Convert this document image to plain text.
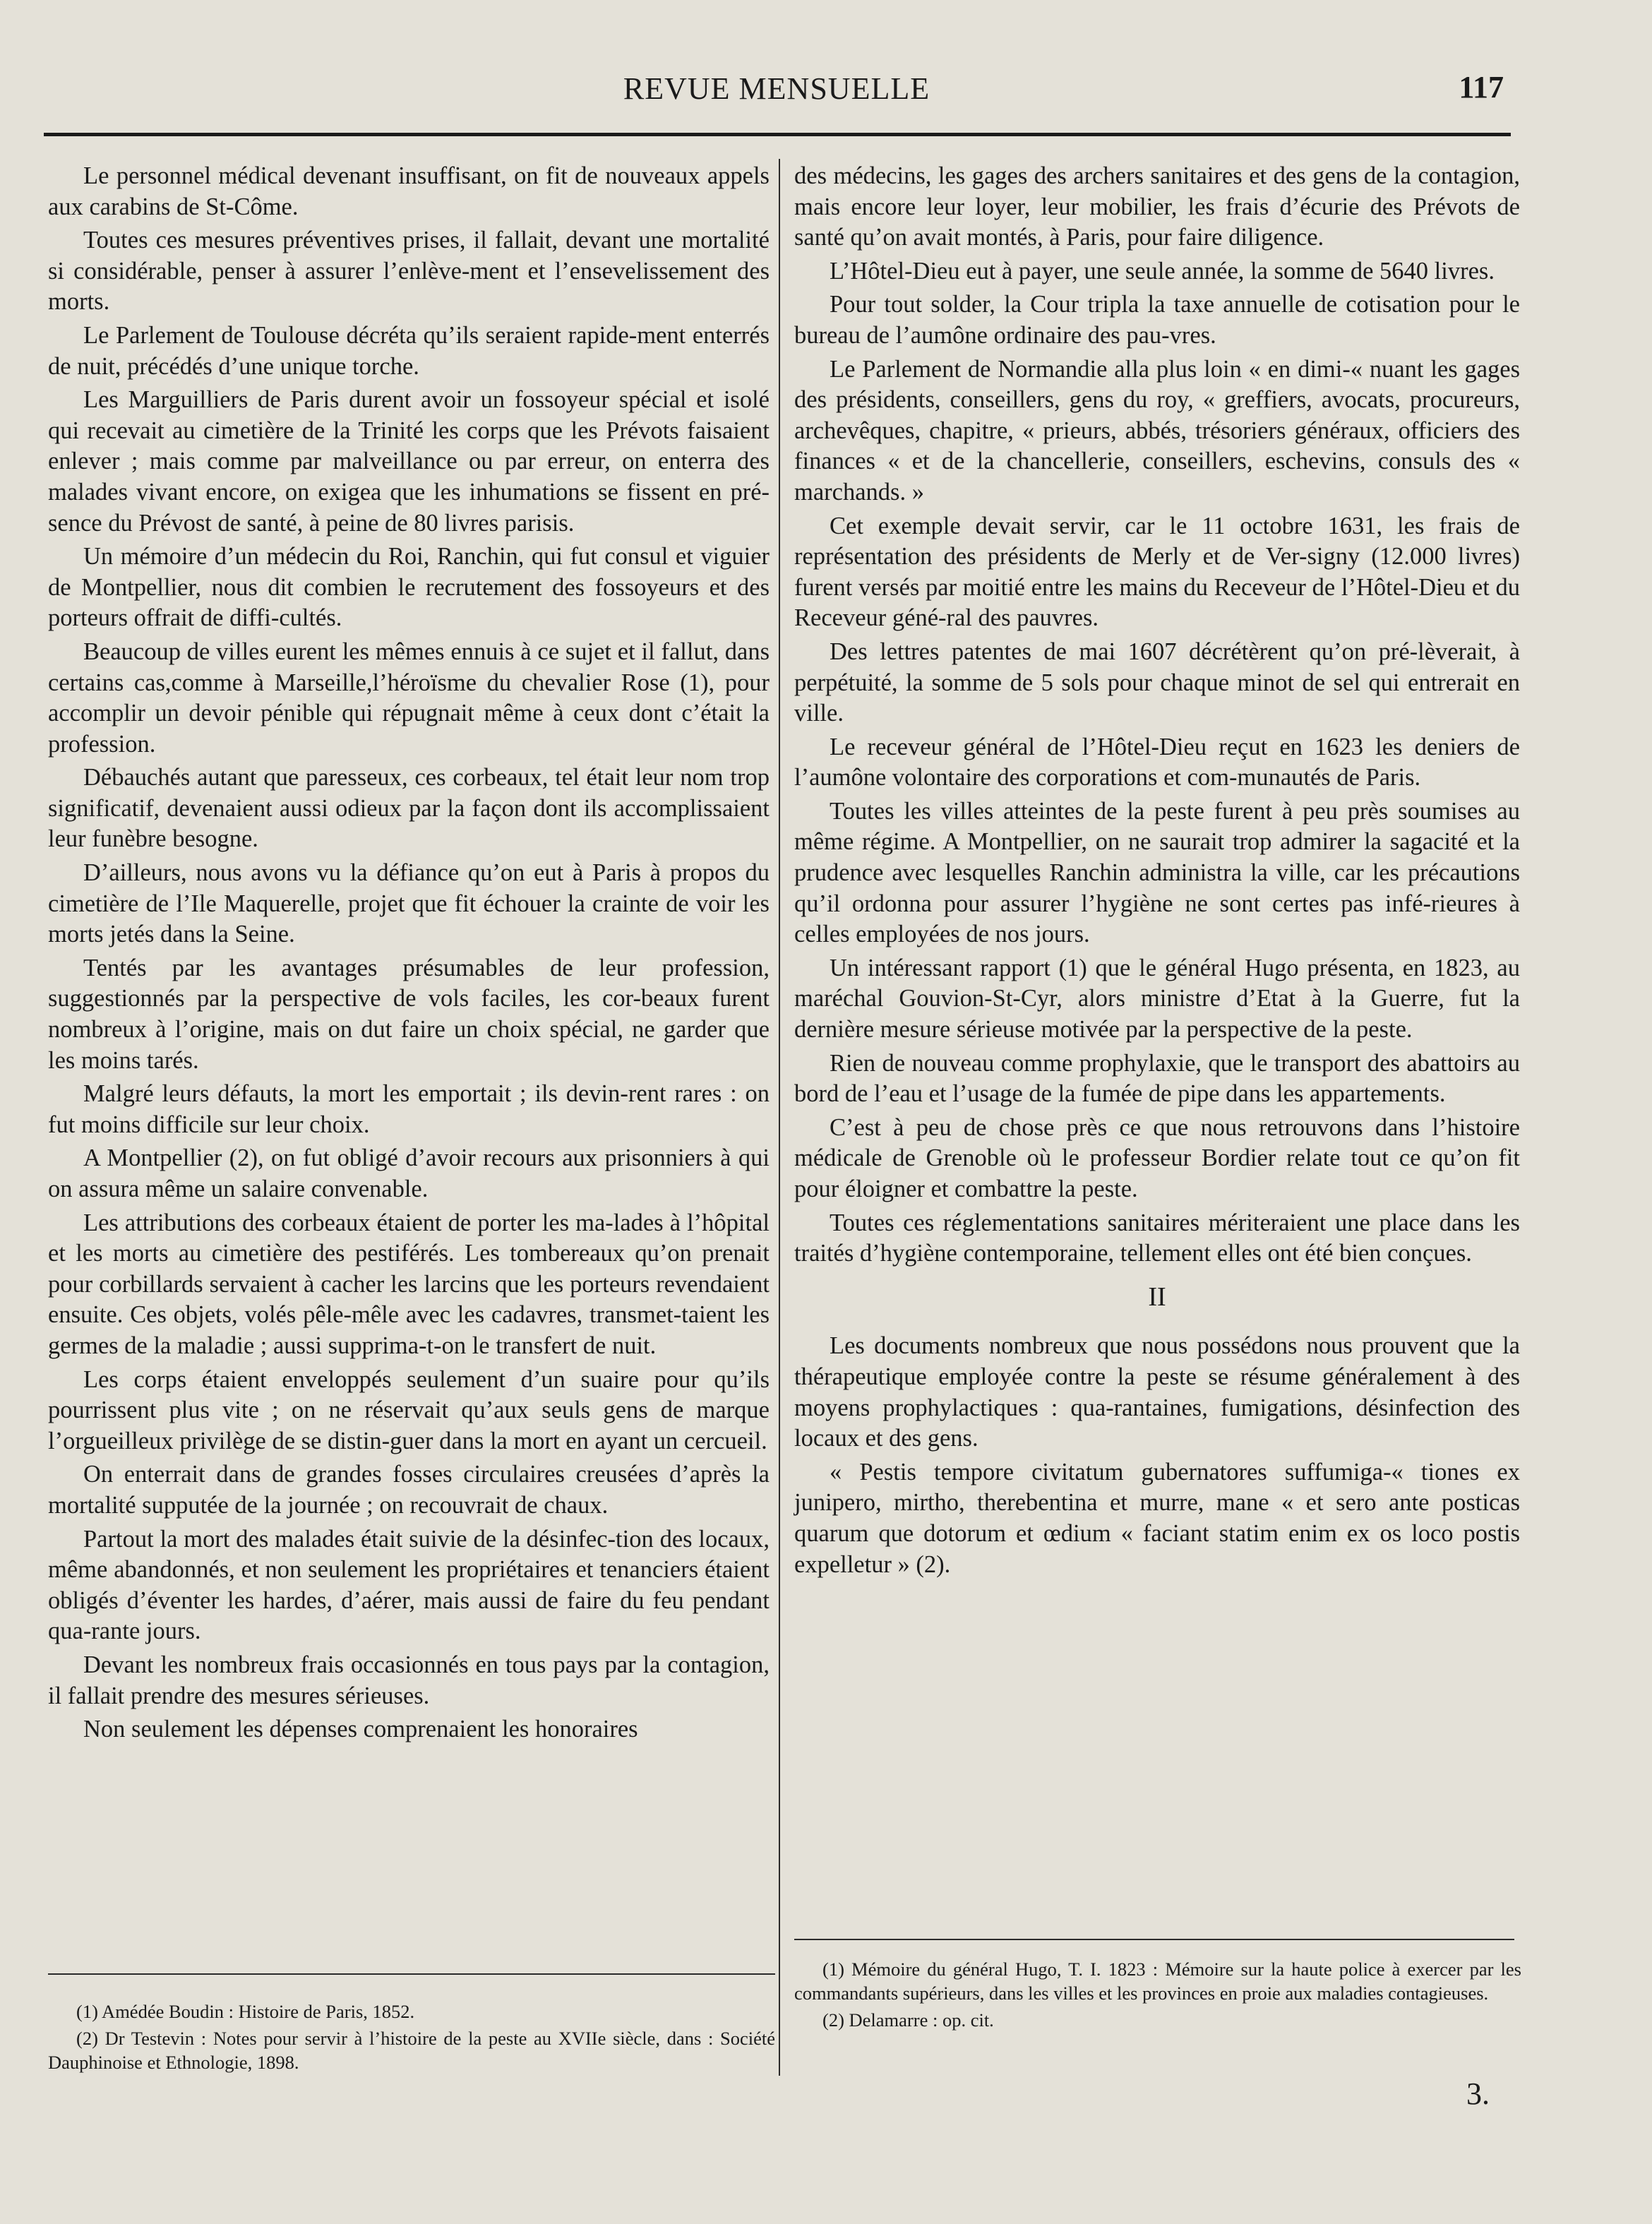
REVUE MENSUELLE	117

Le personnel médical devenant insuffisant, on fit de nouveaux appels aux carabins de St-Côme.

Toutes ces mesures préventives prises, il fallait, devant une mortalité si considérable, penser à assurer l’enlève-ment et l’ensevelissement des morts.

Le Parlement de Toulouse décréta qu’ils seraient rapide-ment enterrés de nuit, précédés d’une unique torche.

Les Marguilliers de Paris durent avoir un fossoyeur spécial et isolé qui recevait au cimetière de la Trinité les corps que les Prévots faisaient enlever ; mais comme par malveillance ou par erreur, on enterra des malades vivant encore, on exigea que les inhumations se fissent en pré-sence du Prévost de santé, à peine de 80 livres parisis.

Un mémoire d’un médecin du Roi, Ranchin, qui fut consul et viguier de Montpellier, nous dit combien le recrutement des fossoyeurs et des porteurs offrait de diffi-cultés.

Beaucoup de villes eurent les mêmes ennuis à ce sujet et il fallut, dans certains cas,comme à Marseille,l’héroïsme du chevalier Rose (1), pour accomplir un devoir pénible qui répugnait même à ceux dont c’était la profession.

Débauchés autant que paresseux, ces corbeaux, tel était leur nom trop significatif, devenaient aussi odieux par la façon dont ils accomplissaient leur funèbre besogne.

D’ailleurs, nous avons vu la défiance qu’on eut à Paris à propos du cimetière de l’Ile Maquerelle, projet que fit échouer la crainte de voir les morts jetés dans la Seine.

Tentés par les avantages présumables de leur profession, suggestionnés par la perspective de vols faciles, les cor-beaux furent nombreux à l’origine, mais on dut faire un choix spécial, ne garder que les moins tarés.

Malgré leurs défauts, la mort les emportait ; ils devin-rent rares : on fut moins difficile sur leur choix.

A Montpellier (2), on fut obligé d’avoir recours aux prisonniers à qui on assura même un salaire convenable.

Les attributions des corbeaux étaient de porter les ma-lades à l’hôpital et les morts au cimetière des pestiférés. Les tombereaux qu’on prenait pour corbillards servaient à cacher les larcins que les porteurs revendaient ensuite. Ces objets, volés pêle-mêle avec les cadavres, transmet-taient les germes de la maladie ; aussi supprima-t-on le transfert de nuit.

Les corps étaient enveloppés seulement d’un suaire pour qu’ils pourrissent plus vite ; on ne réservait qu’aux seuls gens de marque l’orgueilleux privilège de se distin-guer dans la mort en ayant un cercueil.

On enterrait dans de grandes fosses circulaires creusées d’après la mortalité supputée de la journée ; on recouvrait de chaux.

Partout la mort des malades était suivie de la désinfec-tion des locaux, même abandonnés, et non seulement les propriétaires et tenanciers étaient obligés d’éventer les hardes, d’aérer, mais aussi de faire du feu pendant qua-rante jours.

Devant les nombreux frais occasionnés en tous pays par la contagion, il fallait prendre des mesures sérieuses.

Non seulement les dépenses comprenaient les honoraires

des médecins, les gages des archers sanitaires et des gens de la contagion, mais encore leur loyer, leur mobilier, les frais d’écurie des Prévots de santé qu’on avait montés, à Paris, pour faire diligence.

L’Hôtel-Dieu eut à payer, une seule année, la somme de 5640 livres.

Pour tout solder, la Cour tripla la taxe annuelle de cotisation pour le bureau de l’aumône ordinaire des pau-vres.

Le Parlement de Normandie alla plus loin « en dimi-« nuant les gages des présidents, conseillers, gens du roy, « greffiers, avocats, procureurs, archevêques, chapitre, « prieurs, abbés, trésoriers généraux, officiers des finances « et de la chancellerie, conseillers, eschevins, consuls des « marchands. »

Cet exemple devait servir, car le 11 octobre 1631, les frais de représentation des présidents de Merly et de Ver-signy (12.000 livres) furent versés par moitié entre les mains du Receveur de l’Hôtel-Dieu et du Receveur géné-ral des pauvres.

Des lettres patentes de mai 1607 décrétèrent qu’on pré-lèverait, à perpétuité, la somme de 5 sols pour chaque minot de sel qui entrerait en ville.

Le receveur général de l’Hôtel-Dieu reçut en 1623 les deniers de l’aumône volontaire des corporations et com-munautés de Paris.

Toutes les villes atteintes de la peste furent à peu près soumises au même régime. A Montpellier, on ne saurait trop admirer la sagacité et la prudence avec lesquelles Ranchin administra la ville, car les précautions qu’il ordonna pour assurer l’hygiène ne sont certes pas infé-rieures à celles employées de nos jours.

Un intéressant rapport (1) que le général Hugo présenta, en 1823, au maréchal Gouvion-St-Cyr, alors ministre d’Etat à la Guerre, fut la dernière mesure sérieuse motivée par la perspective de la peste.

Rien de nouveau comme prophylaxie, que le transport des abattoirs au bord de l’eau et l’usage de la fumée de pipe dans les appartements.

C’est à peu de chose près ce que nous retrouvons dans l’histoire médicale de Grenoble où le professeur Bordier relate tout ce qu’on fit pour éloigner et combattre la peste.

Toutes ces réglementations sanitaires mériteraient une place dans les traités d’hygiène contemporaine, tellement elles ont été bien conçues.

II

Les documents nombreux que nous possédons nous prouvent que la thérapeutique employée contre la peste se résume généralement à des moyens prophylactiques : qua-rantaines, fumigations, désinfection des locaux et des gens.

« Pestis tempore civitatum gubernatores suffumiga-« tiones ex junipero, mirtho, therebentina et murre, mane « et sero ante posticas quarum que dotorum et œdium « faciant statim enim ex os loco postis expelletur » (2).

(1) Amédée Boudin : Histoire de Paris, 1852.

(2) Dr Testevin : Notes pour servir à l’histoire de la peste au XVIIe siècle, dans : Société Dauphinoise et Ethnologie, 1898.

(1) Mémoire du général Hugo, T. I. 1823 : Mémoire sur la haute police à exercer par les commandants supérieurs, dans les villes et les provinces en proie aux maladies contagieuses.

(2) Delamarre : op. cit.

3.
